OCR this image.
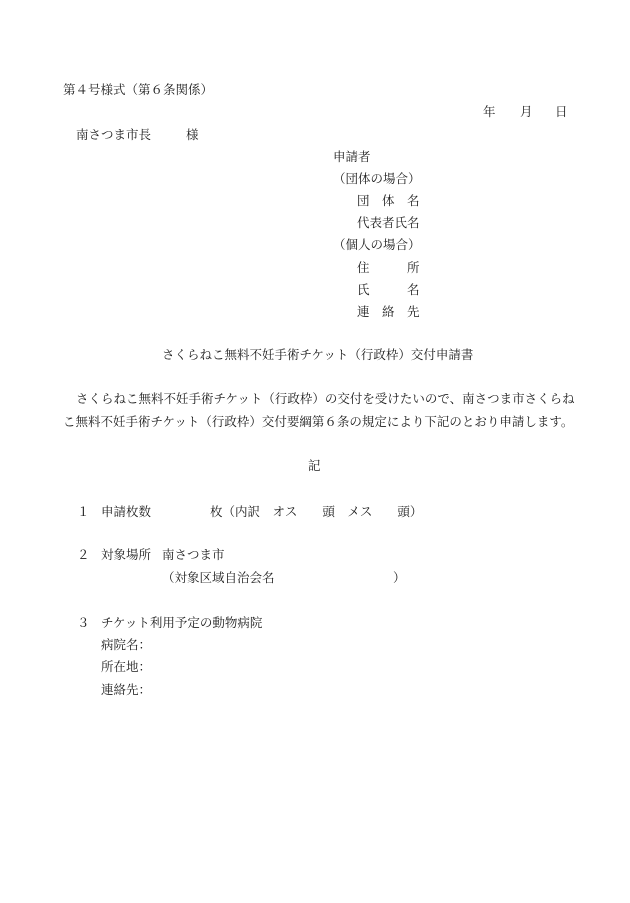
第４号様式（第６条関係）
年 月 日
南さつま市長	様
申請者
（団体の場合）
団　体　名
代表者氏名
（個人の場合）
住　　　所
氏　　　名
連　絡　先
さくらねこ無料不妊手術チケット（行政枠）交付申請書
さくらねこ無料不妊手術チケット（行政枠）の交付を受けたいので、南さつま市さくらね
こ無料不妊手術チケット（行政枠）交付要綱第６条の規定により下記のとおり申請します。
記
１ 申請枚数	枚（内訳　オス　　頭　メス　　頭）
２ 対象場所 南さつま市
（対象区域自治会名	）
３ チケット利用予定の動物病院
病院名：
所在地：
連絡先：
